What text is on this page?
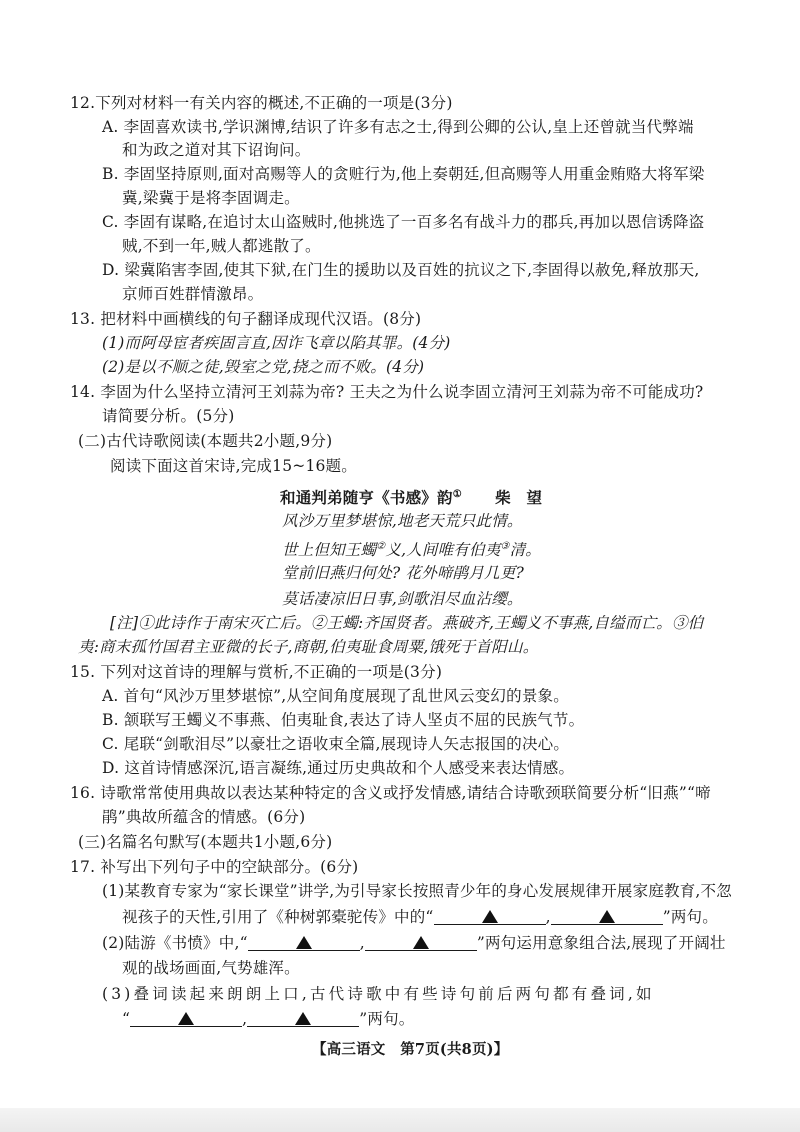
12.下列对材料一有关内容的概述,不正确的一项是(3分)
A. 李固喜欢读书,学识渊博,结识了许多有志之士,得到公卿的公认,皇上还曾就当代弊端
和为政之道对其下诏询问。
B. 李固坚持原则,面对高赐等人的贪赃行为,他上奏朝廷,但高赐等人用重金贿赂大将军梁
冀,梁冀于是将李固调走。
C. 李固有谋略,在追讨太山盗贼时,他挑选了一百多名有战斗力的郡兵,再加以恩信诱降盗
贼,不到一年,贼人都逃散了。
D. 梁冀陷害李固,使其下狱,在门生的援助以及百姓的抗议之下,李固得以赦免,释放那天,
京师百姓群情激昂。
13. 把材料中画横线的句子翻译成现代汉语。(8分)
(1)而阿母宦者疾固言直,因诈飞章以陷其罪。(4分)
(2)是以不顺之徒,毁室之党,挠之而不败。(4分)
14. 李固为什么坚持立清河王刘蒜为帝? 王夫之为什么说李固立清河王刘蒜为帝不可能成功?
请简要分析。(5分)
(二)古代诗歌阅读(本题共2小题,9分)
阅读下面这首宋诗,完成15~16题。
和通判弟随亨《书感》韵① 柴　望
风沙万里梦堪惊,地老天荒只此情。
世上但知王蠋②义,人间唯有伯夷③清。
堂前旧燕归何处? 花外啼鹃月几更?
莫话凄凉旧日事,剑歌泪尽血沾缨。
[注]①此诗作于南宋灭亡后。②王蠋:齐国贤者。燕破齐,王蠋义不事燕,自缢而亡。③伯
夷:商末孤竹国君主亚微的长子,商朝,伯夷耻食周粟,饿死于首阳山。
15. 下列对这首诗的理解与赏析,不正确的一项是(3分)
A. 首句“风沙万里梦堪惊”,从空间角度展现了乱世风云变幻的景象。
B. 颔联写王蠋义不事燕、伯夷耻食,表达了诗人坚贞不屈的民族气节。
C. 尾联“剑歌泪尽”以豪壮之语收束全篇,展现诗人矢志报国的决心。
D. 这首诗情感深沉,语言凝练,通过历史典故和个人感受来表达情感。
16. 诗歌常常使用典故以表达某种特定的含义或抒发情感,请结合诗歌颈联简要分析“旧燕”“啼
鹃”典故所蕴含的情感。(6分)
(三)名篇名句默写(本题共1小题,6分)
17. 补写出下列句子中的空缺部分。(6分)
(1)某教育专家为“家长课堂”讲学,为引导家长按照青少年的身心发展规律开展家庭教育,不忽
视孩子的天性,引用了《种树郭橐驼传》中的“	,	”两句。
(2)陆游《书愤》中,“	,	”两句运用意象组合法,展现了开阔壮
观的战场画面,气势雄浑。
(3)叠词读起来朗朗上口,古代诗歌中有些诗句前后两句都有叠词,如
“	,	”两句。
【高三语文　第7页(共8页)】
